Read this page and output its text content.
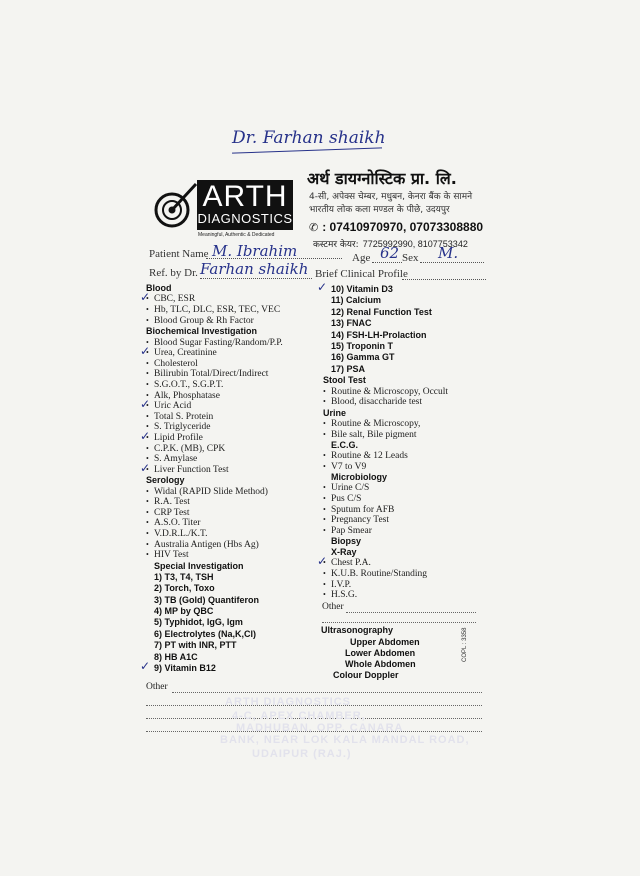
Dr. Farhan shaikh
ARTH
DIAGNOSTICS
Meaningful, Authentic & Dedicated
अर्थ डायग्नोस्टिक प्रा. लि.
4-सी, अपेक्स चेम्बर, मधुबन, केनरा बैंक के सामने
भारतीय लोक कला मण्डल के पीछे, उदयपुर
✆ : 07410970970, 07073308880
कस्टमर केयर: 7725992990, 8107753342
Patient Name M. Ibrahim	Age 62 Sex M.
Ref. by Dr. Farhan shaikh Brief Clinical Profile
Blood
• CBC, ESR
✓
• Hb, TLC, DLC, ESR, TEC, VEC
• Blood Group & Rh Factor
Biochemical Investigation
• Blood Sugar Fasting/Random/P.P.
• Urea, Creatinine
✓
• Cholesterol
• Bilirubin Total/Direct/Indirect
• S.G.O.T., S.G.P.T.
• Alk, Phosphatase
• Uric Acid
✓
• Total S. Protein
• S. Triglyceride
• Lipid Profile
✓
• C.P.K. (MB), CPK
• S. Amylase
• Liver Function Test
✓
Serology
• Widal (RAPID Slide Method)
• R.A. Test
• CRP Test
• A.S.O. Titer
• V.D.R.L./K.T.
• Australia Antigen (Hbs Ag)
• HIV Test
Special Investigation
1) T3, T4, TSH
2) Torch, Toxo
3) TB (Gold) Quantiferon
4) MP by QBC
5) Typhidot, IgG, Igm
6) Electrolytes (Na,K,Cl)
7) PT with INR, PTT
8) HB A1C
9) Vitamin B12
✓
10) Vitamin D3
✓
11) Calcium
12) Renal Function Test
13) FNAC
14) FSH-LH-Prolaction
15) Troponin T
16) Gamma GT
17) PSA
Stool Test
• Routine & Microscopy, Occult
• Blood, disaccharide test
Urine
• Routine & Microscopy,
• Bile salt, Bile pigment
E.C.G.
• Routine & 12 Leads
• V7 to V9
Microbiology
• Urine C/S
• Pus C/S
• Sputum for AFB
• Pregnancy Test
• Pap Smear
Biopsy
X-Ray
• Chest P.A.
✓
• K.U.B. Routine/Standing
• I.V.P.
• H.S.G.
Other
Other
Ultrasonography
Upper Abdomen
Lower Abdomen
Whole Abdomen
Colour Doppler
COPL : 3358
ARTH DIAGNOSTICS
4-C, APEX CHAMBER,
MADHUBAN, OPP. CANARA
BANK, NEAR LOK KALA MANDAL ROAD,
UDAIPUR (RAJ.)
